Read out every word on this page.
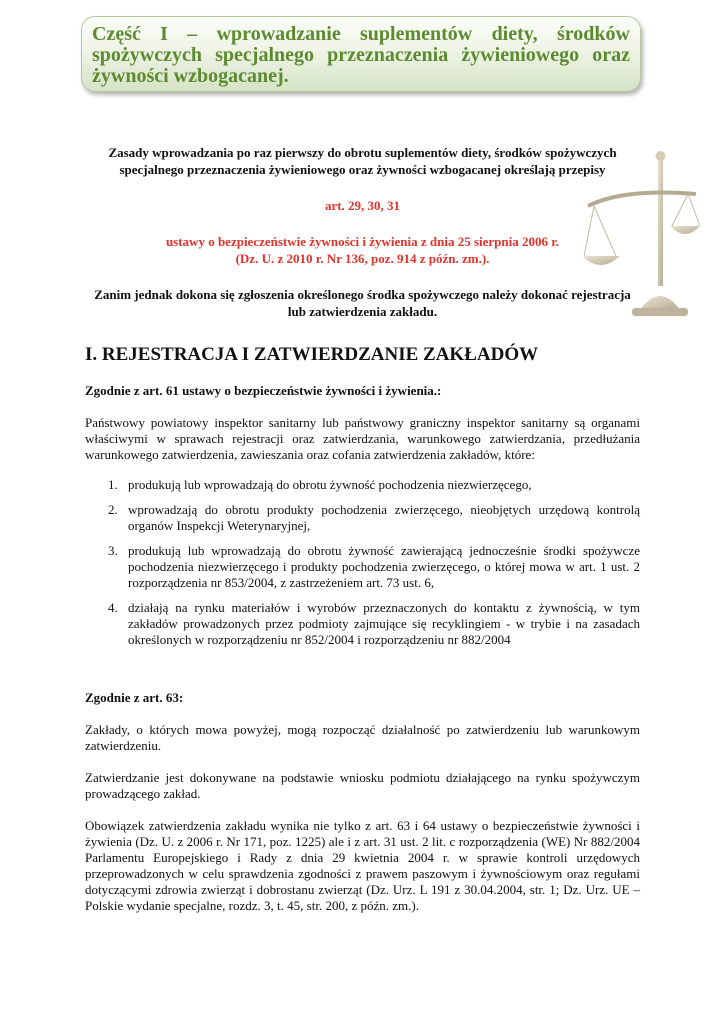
Część I – wprowadzanie suplementów diety, środków spożywczych specjalnego przeznaczenia żywieniowego oraz żywności wzbogacanej.

Zasady wprowadzania po raz pierwszy do obrotu suplementów diety, środków spożywczych specjalnego przeznaczenia żywieniowego oraz żywności wzbogacanej określają przepisy

art. 29, 30, 31

ustawy o bezpieczeństwie żywności i żywienia z dnia 25 sierpnia 2006 r.

(Dz. U. z 2010 r. Nr 136, poz. 914 z późn. zm.).

Zanim jednak dokona się zgłoszenia określonego środka spożywczego należy dokonać rejestracja lub zatwierdzenia zakładu.

I. REJESTRACJA I ZATWIERDZANIE ZAKŁADÓW

Zgodnie z art. 61 ustawy o bezpieczeństwie żywności i żywienia.:

Państwowy powiatowy inspektor sanitarny lub państwowy graniczny inspektor sanitarny są organami właściwymi w sprawach rejestracji oraz zatwierdzania, warunkowego zatwierdzania, przedłużania warunkowego zatwierdzenia, zawieszania oraz cofania zatwierdzenia zakładów, które:

1. produkują lub wprowadzają do obrotu żywność pochodzenia niezwierzęcego,
2. wprowadzają do obrotu produkty pochodzenia zwierzęcego, nieobjętych urzędową kontrolą organów Inspekcji Weterynaryjnej,
3. produkują lub wprowadzają do obrotu żywność zawierającą jednocześnie środki spożywcze pochodzenia niezwierzęcego i produkty pochodzenia zwierzęcego, o której mowa w art. 1 ust. 2 rozporządzenia nr 853/2004, z zastrzeżeniem art. 73 ust. 6,
4. działają na rynku materiałów i wyrobów przeznaczonych do kontaktu z żywnością, w tym zakładów prowadzonych przez podmioty zajmujące się recyklingiem - w trybie i na zasadach określonych w rozporządzeniu nr 852/2004 i rozporządzeniu nr 882/2004

Zgodnie z art. 63:

Zakłady, o których mowa powyżej, mogą rozpocząć działalność po zatwierdzeniu lub warunkowym zatwierdzeniu.

Zatwierdzanie jest dokonywane na podstawie wniosku podmiotu działającego na rynku spożywczym prowadzącego zakład.

Obowiązek zatwierdzenia zakładu wynika nie tylko z art. 63 i 64 ustawy o bezpieczeństwie żywności i żywienia (Dz. U. z 2006 r. Nr 171, poz. 1225) ale i z art. 31 ust. 2 lit. c rozporządzenia (WE) Nr 882/2004 Parlamentu Europejskiego i Rady z dnia 29 kwietnia 2004 r. w sprawie kontroli urzędowych przeprowadzonych w celu sprawdzenia zgodności z prawem paszowym i żywnościowym oraz regułami dotyczącymi zdrowia zwierząt i dobrostanu zwierząt (Dz. Urz. L 191 z 30.04.2004, str. 1; Dz. Urz. UE – Polskie wydanie specjalne, rozdz. 3, t. 45, str. 200, z późn. zm.).
